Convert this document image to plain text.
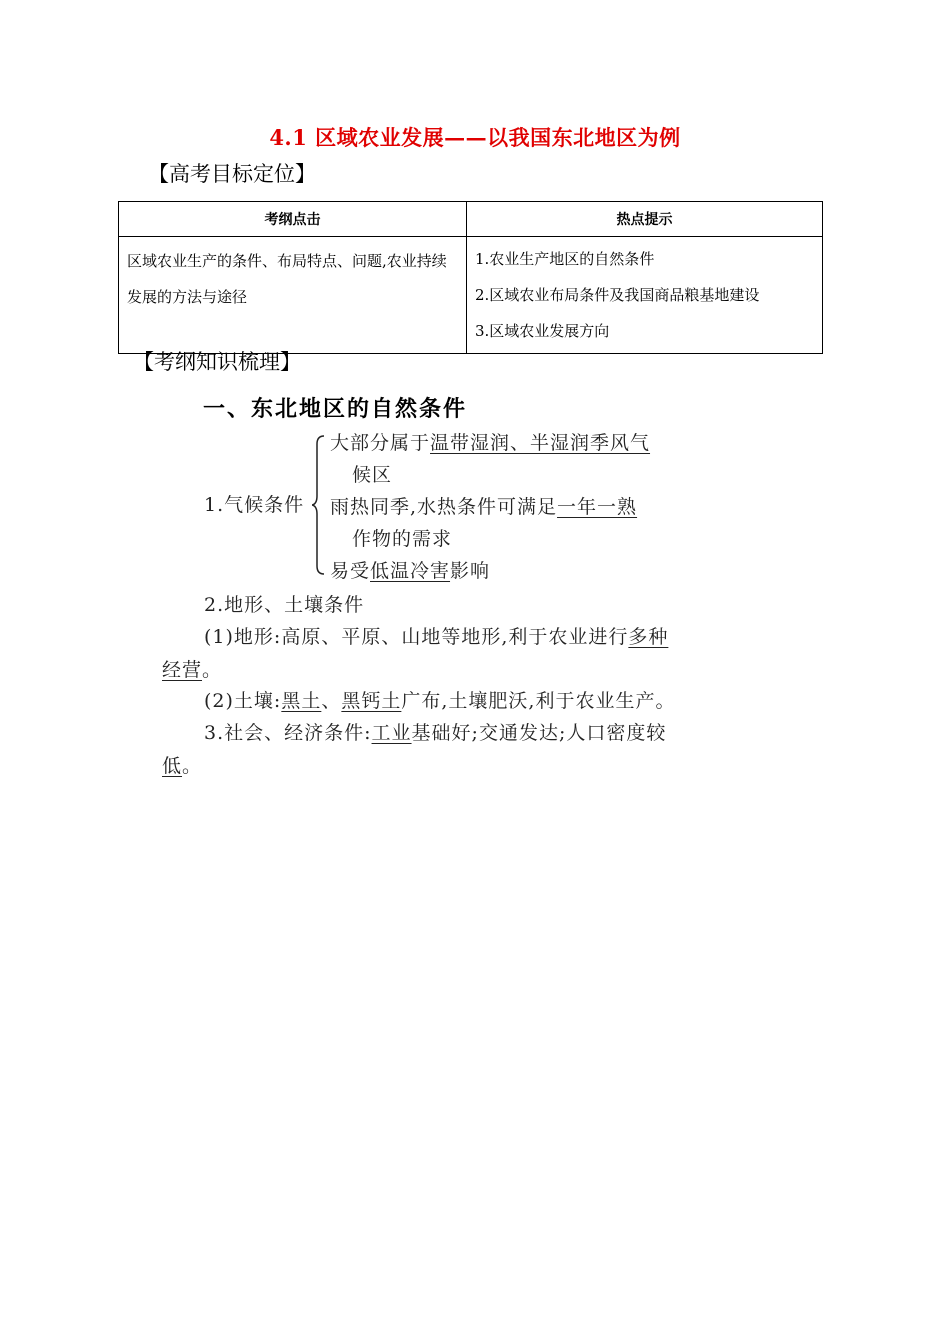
4.1 区域农业发展——以我国东北地区为例
【高考目标定位】
考纲点击	热点提示

区域农业生产的条件、布局特点、问题,农业持续发展的方法与途径	1.农业生产地区的自然条件
2.区域农业布局条件及我国商品粮基地建设
3.区域农业发展方向
【考纲知识梳理】
一、东北地区的自然条件
1.气候条件
大部分属于温带湿润、半湿润季风气
候区
雨热同季,水热条件可满足一年一熟
作物的需求
易受低温冷害影响
2.地形、土壤条件
(1)地形:高原、平原、山地等地形,利于农业进行多种
经营。
(2)土壤:黑土、黑钙土广布,土壤肥沃,利于农业生产。
3.社会、经济条件:工业基础好;交通发达;人口密度较
低。
